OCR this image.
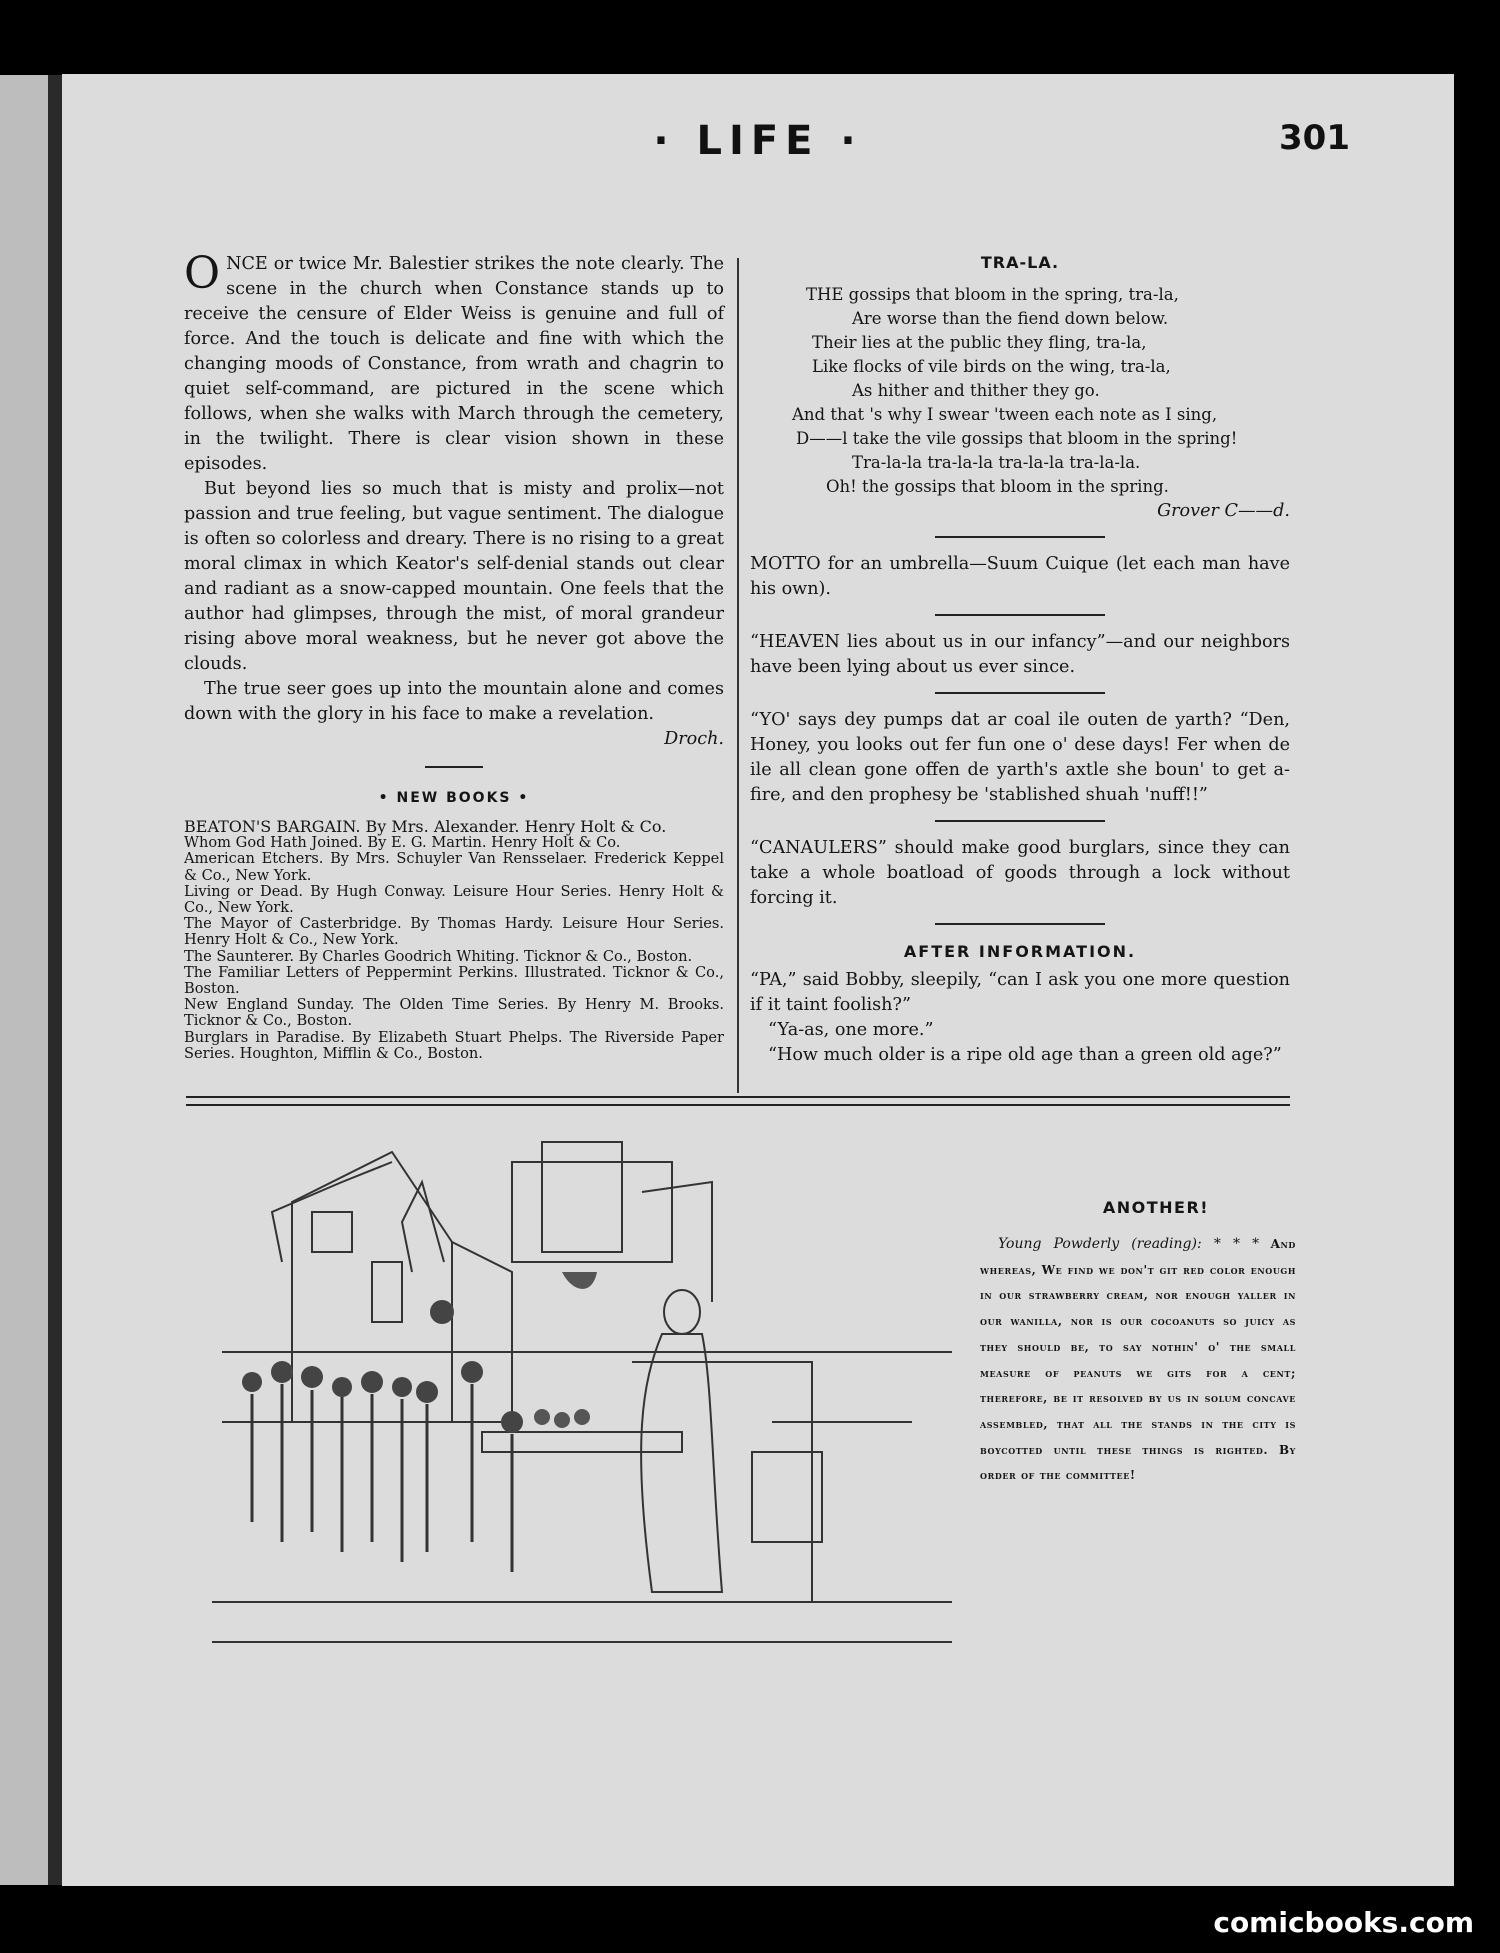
· LIFE ·	301

ONCE or twice Mr. Balestier strikes the note clearly. The scene in the church when Constance stands up to receive the censure of Elder Weiss is genuine and full of force. And the touch is delicate and fine with which the changing moods of Constance, from wrath and chagrin to quiet self-command, are pictured in the scene which follows, when she walks with March through the cemetery, in the twilight. There is clear vision shown in these episodes.

But beyond lies so much that is misty and prolix—not passion and true feeling, but vague sentiment. The dialogue is often so colorless and dreary. There is no rising to a great moral climax in which Keator's self-denial stands out clear and radiant as a snow-capped mountain. One feels that the author had glimpses, through the mist, of moral grandeur rising above moral weakness, but he never got above the clouds.

The true seer goes up into the mountain alone and comes down with the glory in his face to make a revelation.

Droch.

• NEW BOOKS •

BEATON'S BARGAIN. By Mrs. Alexander. Henry Holt & Co.

Whom God Hath Joined. By E. G. Martin. Henry Holt & Co.

American Etchers. By Mrs. Schuyler Van Rensselaer. Frederick Keppel & Co., New York.

Living or Dead. By Hugh Conway. Leisure Hour Series. Henry Holt & Co., New York.

The Mayor of Casterbridge. By Thomas Hardy. Leisure Hour Series. Henry Holt & Co., New York.

The Saunterer. By Charles Goodrich Whiting. Ticknor & Co., Boston.

The Familiar Letters of Peppermint Perkins. Illustrated. Ticknor & Co., Boston.

New England Sunday. The Olden Time Series. By Henry M. Brooks. Ticknor & Co., Boston.

Burglars in Paradise. By Elizabeth Stuart Phelps. The Riverside Paper Series. Houghton, Mifflin & Co., Boston.

TRA-LA.
THE gossips that bloom in the spring, tra-la,
Are worse than the fiend down below.
Their lies at the public they fling, tra-la,
Like flocks of vile birds on the wing, tra-la,
As hither and thither they go.
And that 's why I swear 'tween each note as I sing,
D——l take the vile gossips that bloom in the spring!
Tra-la-la tra-la-la tra-la-la tra-la-la.
Oh! the gossips that bloom in the spring.

Grover C——d.

MOTTO for an umbrella—Suum Cuique (let each man have his own).

“HEAVEN lies about us in our infancy”—and our neighbors have been lying about us ever since.

“YO' says dey pumps dat ar coal ile outen de yarth? “Den, Honey, you looks out fer fun one o' dese days! Fer when de ile all clean gone offen de yarth's axtle she boun' to get a-fire, and den prophesy be 'stablished shuah 'nuff!!”

“CANAULERS” should make good burglars, since they can take a whole boatload of goods through a lock without forcing it.

AFTER INFORMATION.

“PA,” said Bobby, sleepily, “can I ask you one more question if it taint foolish?”

“Ya-as, one more.”

“How much older is a ripe old age than a green old age?”

ANOTHER!
Young Powderly (reading): * * * And whereas, We find we don't git red color enough in our strawberry cream, nor enough yaller in our wanilla, nor is our cocoanuts so juicy as they should be, to say nothin' o' the small measure of peanuts we gits for a cent; therefore, be it resolved by us in solum concave assembled, that all the stands in the city is boycotted until these things is righted. By order of the committee!
comicbooks.com
